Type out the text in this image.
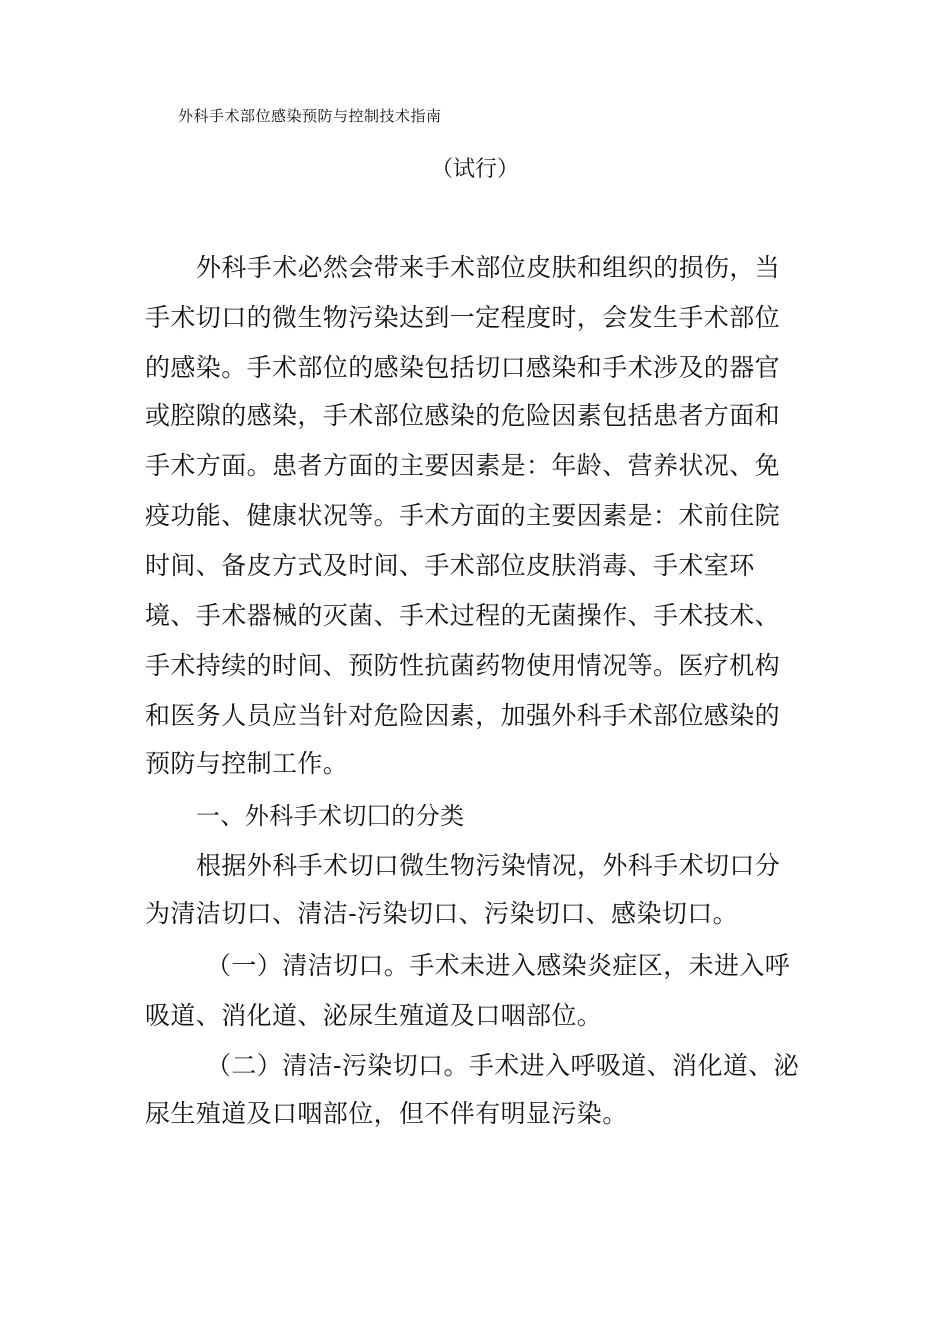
外科手术部位感染预防与控制技术指南
（试行）
外科手术必然会带来手术部位皮肤和组织的损伤，当
手术切口的微生物污染达到一定程度时，会发生手术部位
的感染。手术部位的感染包括切口感染和手术涉及的器官
或腔隙的感染，手术部位感染的危险因素包括患者方面和
手术方面。患者方面的主要因素是：年龄、营养状况、免
疫功能、健康状况等。手术方面的主要因素是：术前住院
时间、备皮方式及时间、手术部位皮肤消毒、手术室环
境、手术器械的灭菌、手术过程的无菌操作、手术技术、
手术持续的时间、预防性抗菌药物使用情况等。医疗机构
和医务人员应当针对危险因素，加强外科手术部位感染的
预防与控制工作。
一、外科手术切囗的分类
根据外科手术切口微生物污染情况，外科手术切口分
为清洁切口、清洁-污染切口、污染切口、感染切口。
（一）清洁切口。手术未进入感染炎症区，未进入呼
吸道、消化道、泌尿生殖道及口咽部位。
（二）清洁-污染切口。手术进入呼吸道、消化道、泌
尿生殖道及口咽部位，但不伴有明显污染。
